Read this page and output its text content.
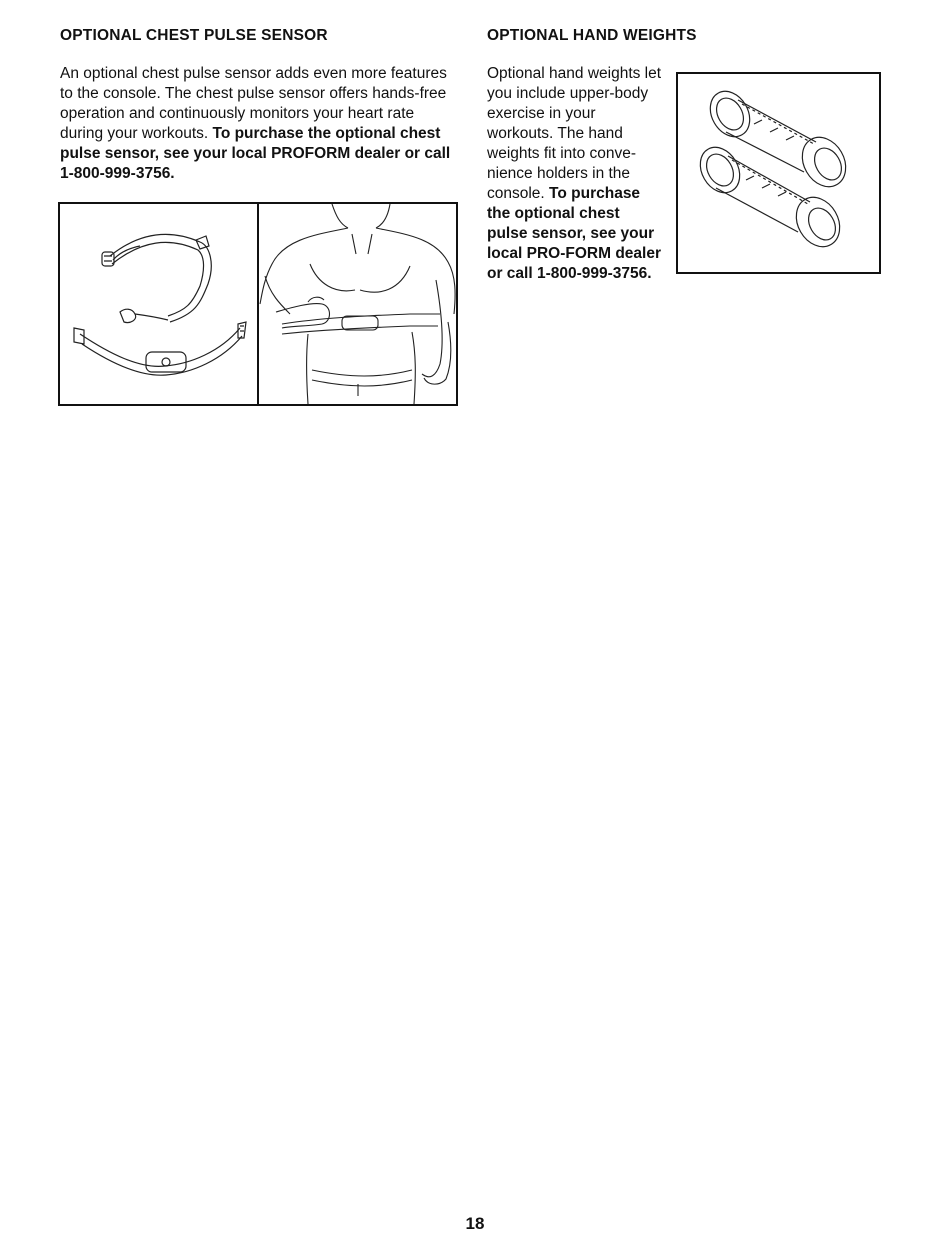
OPTIONAL CHEST PULSE SENSOR

An optional chest pulse sensor adds even more features to the console. The chest pulse sensor offers hands-free operation and continuously monitors your heart rate during your workouts. To purchase the optional chest pulse sensor, see your local PROFORM dealer or call 1-800-999-3756.

OPTIONAL HAND WEIGHTS

Optional hand weights let you include upper-body exercise in your workouts. The hand weights fit into conve-nience holders in the console. To purchase the optional chest pulse sensor, see your local PRO-FORM dealer or call 1-800-999-3756.

18
